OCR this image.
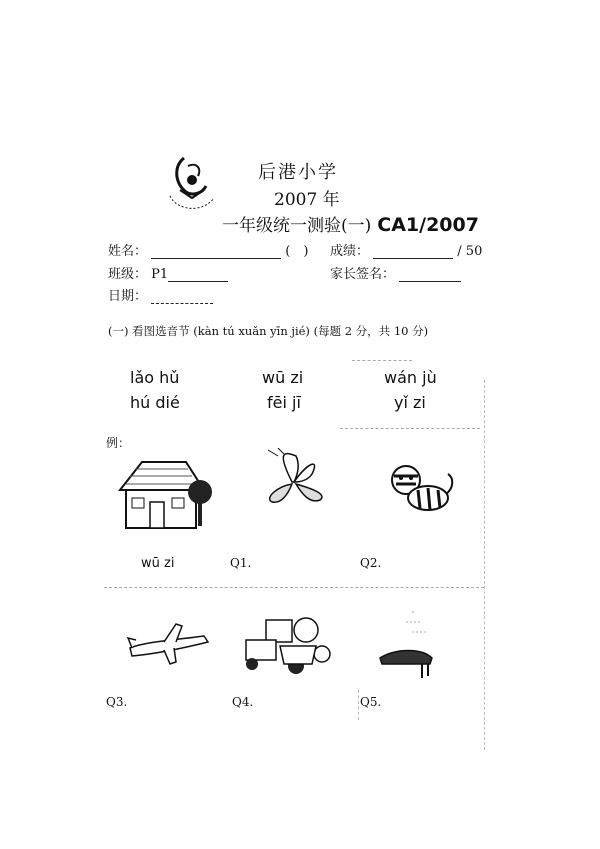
后港小学
2007 年
一年级统一测验(一) CA1/2007
姓名：	(　) 成绩：	/ 50
班级： P1	家长签名：
日期：
(一) 看图选音节 (kàn tú xuǎn yīn jié) (每题 2 分，共 10 分)
lǎo hǔ	wū zi	wán jù
hú dié	fēi jī	yǐ zi
例：
wū zi	Q1.	Q2.
Q3.	Q4.	Q5.
